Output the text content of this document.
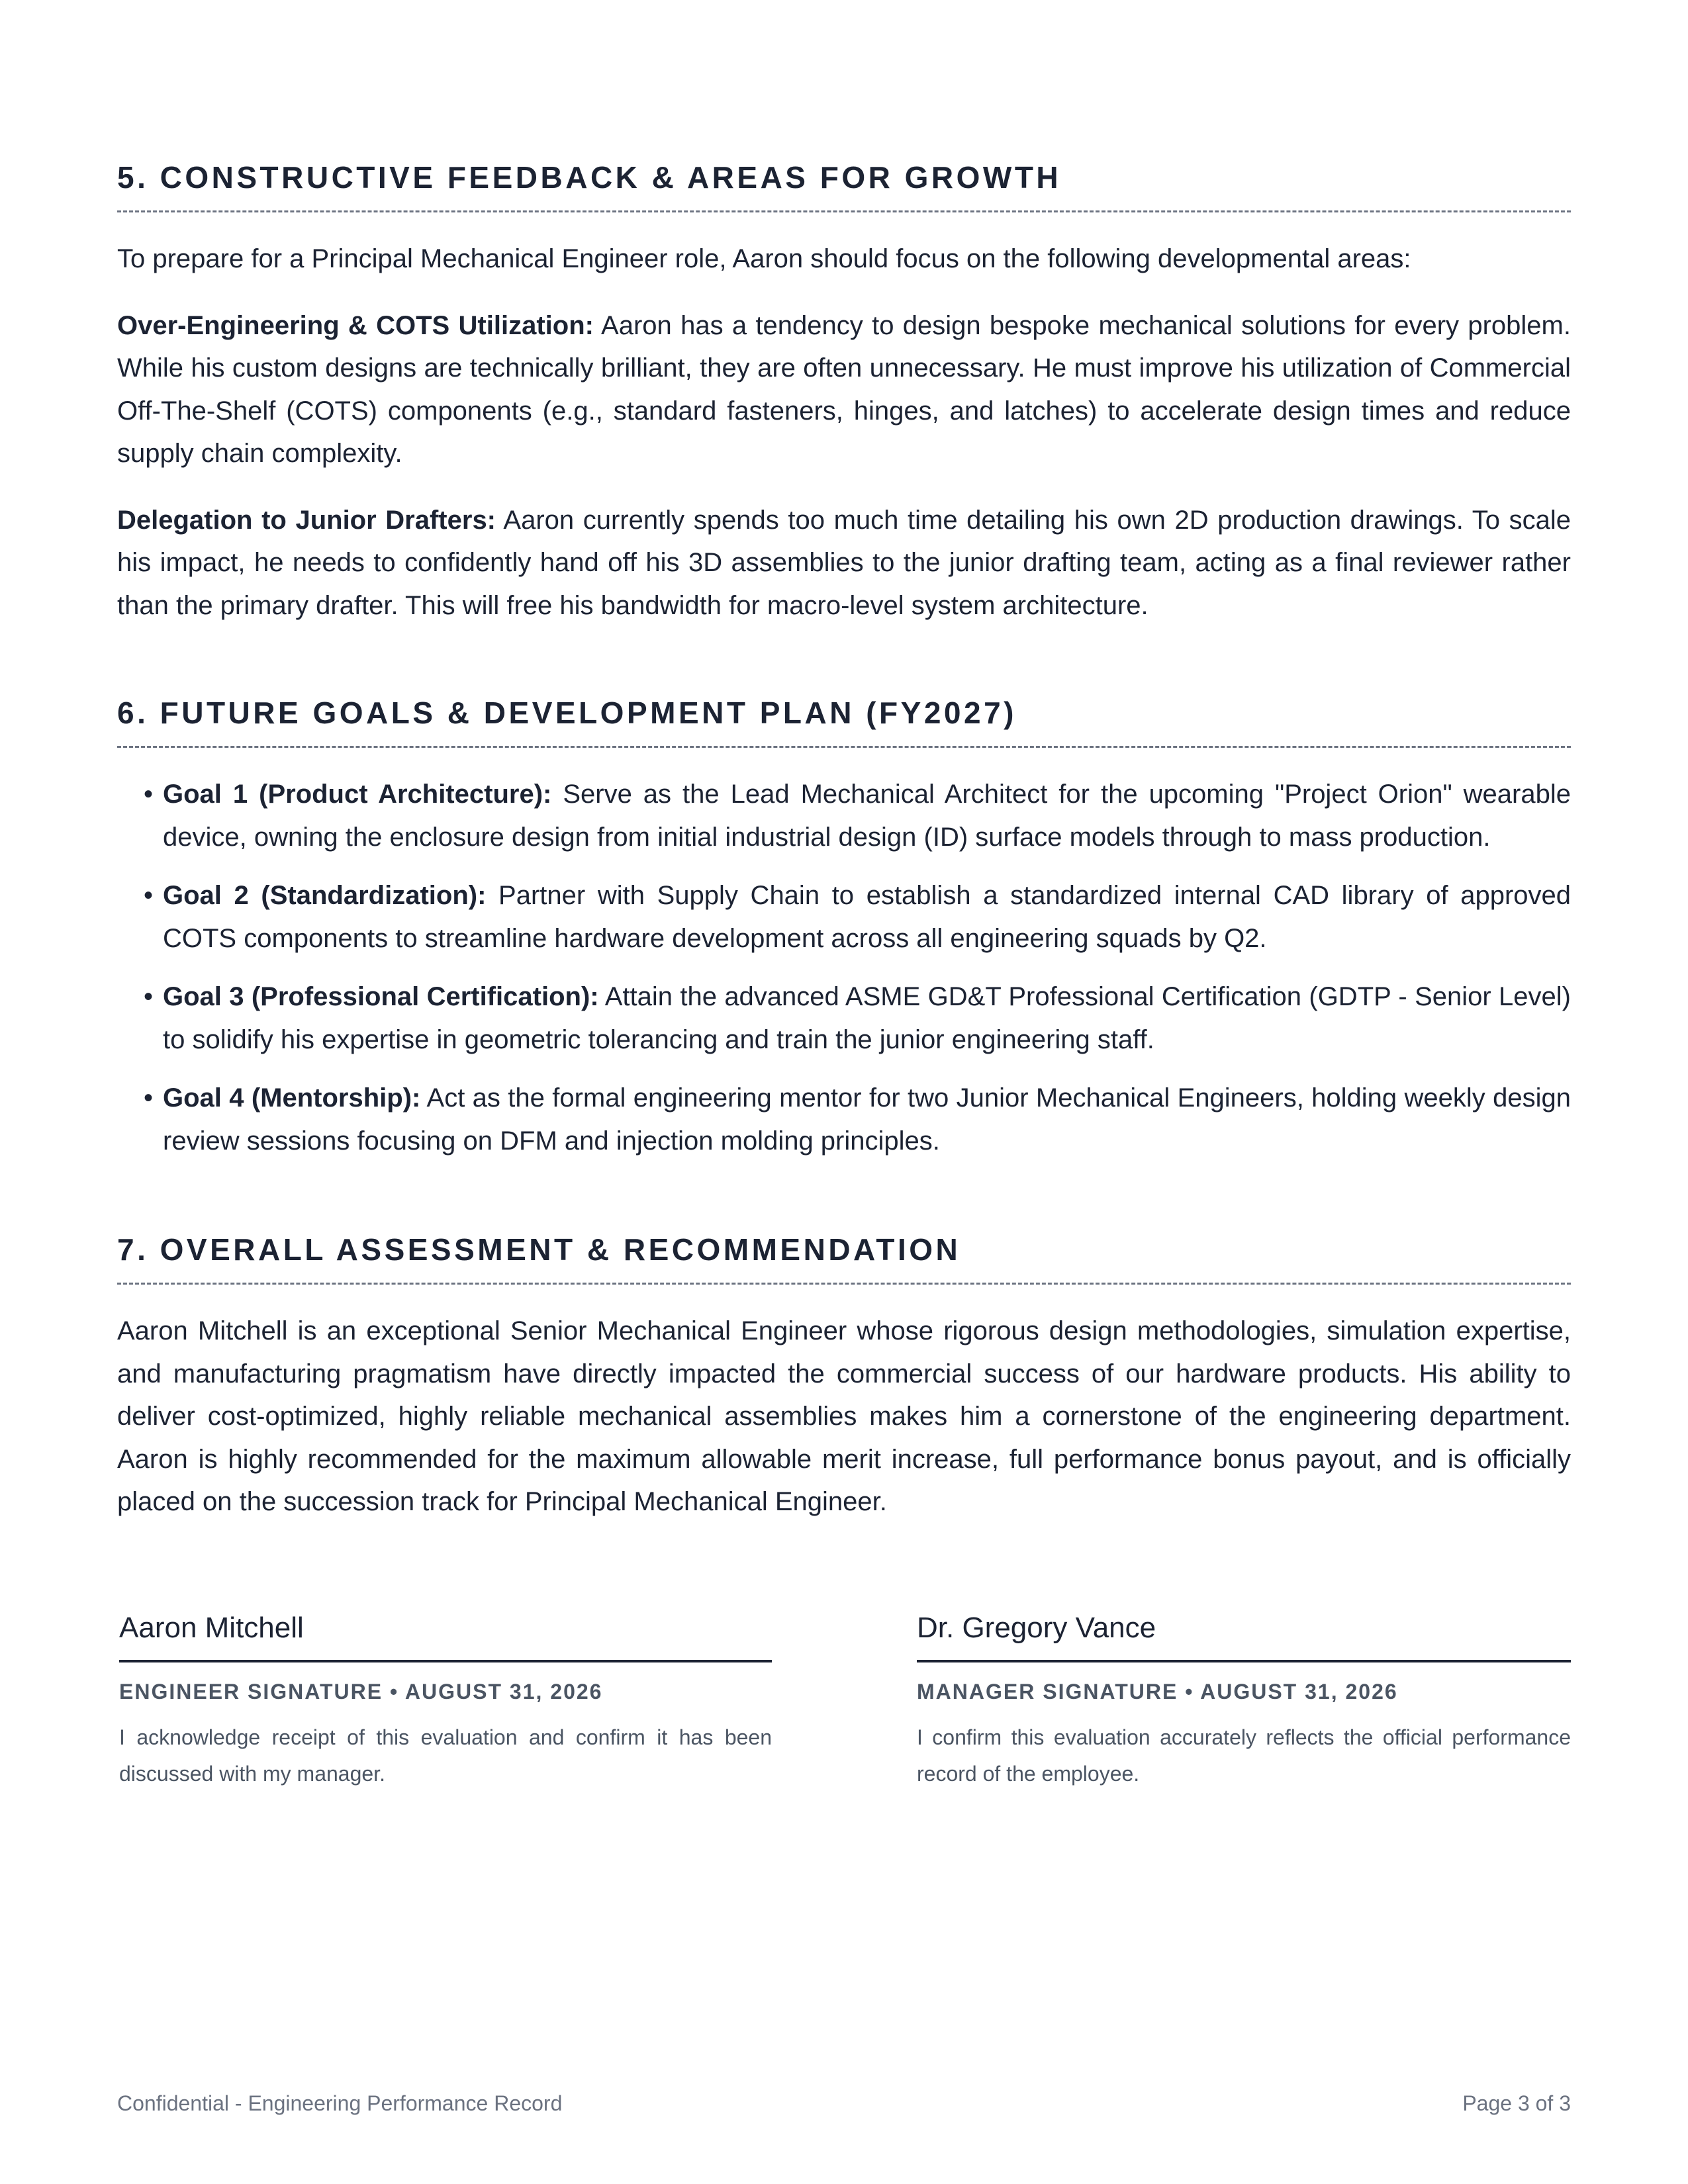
5. CONSTRUCTIVE FEEDBACK & AREAS FOR GROWTH

To prepare for a Principal Mechanical Engineer role, Aaron should focus on the following developmental areas:

Over-Engineering & COTS Utilization: Aaron has a tendency to design bespoke mechanical solutions for every problem. While his custom designs are technically brilliant, they are often unnecessary. He must improve his utilization of Commercial Off-The-Shelf (COTS) components (e.g., standard fasteners, hinges, and latches) to accelerate design times and reduce supply chain complexity.

Delegation to Junior Drafters: Aaron currently spends too much time detailing his own 2D production drawings. To scale his impact, he needs to confidently hand off his 3D assemblies to the junior drafting team, acting as a final reviewer rather than the primary drafter. This will free his bandwidth for macro-level system architecture.

6. FUTURE GOALS & DEVELOPMENT PLAN (FY2027)
• Goal 1 (Product Architecture): Serve as the Lead Mechanical Architect for the upcoming "Project Orion" wearable device, owning the enclosure design from initial industrial design (ID) surface models through to mass production.
• Goal 2 (Standardization): Partner with Supply Chain to establish a standardized internal CAD library of approved COTS components to streamline hardware development across all engineering squads by Q2.
• Goal 3 (Professional Certification): Attain the advanced ASME GD&T Professional Certification (GDTP - Senior Level) to solidify his expertise in geometric tolerancing and train the junior engineering staff.
• Goal 4 (Mentorship): Act as the formal engineering mentor for two Junior Mechanical Engineers, holding weekly design review sessions focusing on DFM and injection molding principles.
7. OVERALL ASSESSMENT & RECOMMENDATION

Aaron Mitchell is an exceptional Senior Mechanical Engineer whose rigorous design methodologies, simulation expertise, and manufacturing pragmatism have directly impacted the commercial success of our hardware products. His ability to deliver cost-optimized, highly reliable mechanical assemblies makes him a cornerstone of the engineering department. Aaron is highly recommended for the maximum allowable merit increase, full performance bonus payout, and is officially placed on the succession track for Principal Mechanical Engineer.

Aaron Mitchell
ENGINEER SIGNATURE • AUGUST 31, 2026
I acknowledge receipt of this evaluation and confirm it has been discussed with my manager.
Dr. Gregory Vance
MANAGER SIGNATURE • AUGUST 31, 2026
I confirm this evaluation accurately reflects the official performance record of the employee.
Confidential - Engineering Performance Record	Page 3 of 3
